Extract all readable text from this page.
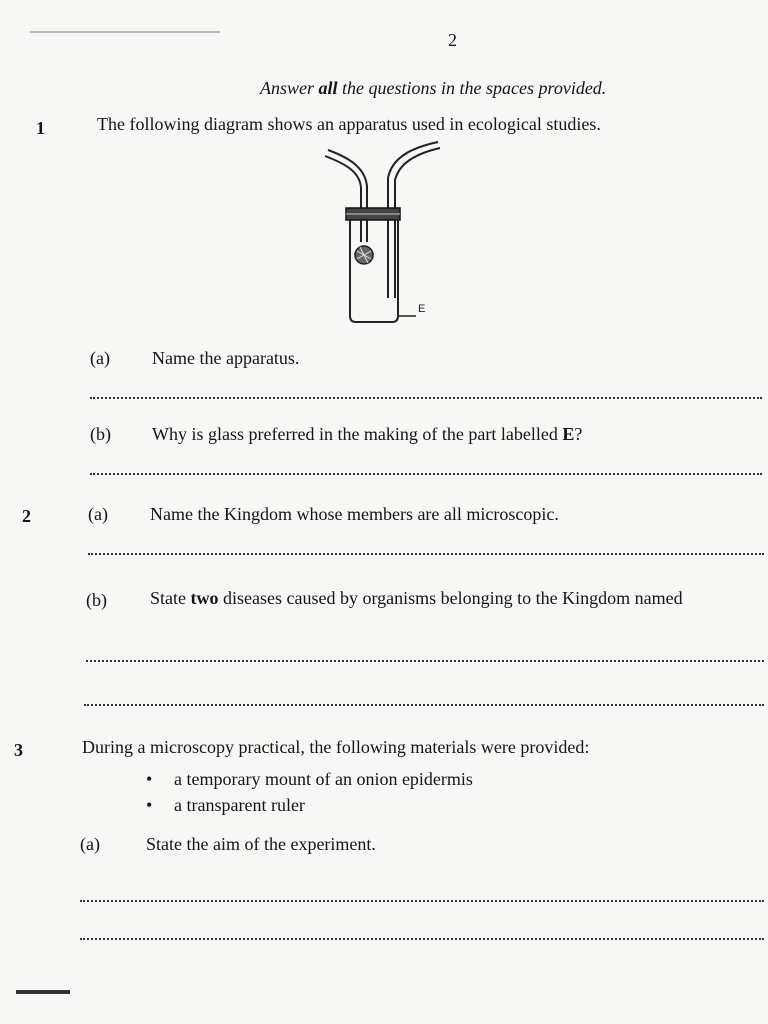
2
Answer all the questions in the spaces provided.
1	The following diagram shows an apparatus used in ecological studies.
E
(a) Name the apparatus.
(b) Why is glass preferred in the making of the part labelled E?
2	(a) Name the Kingdom whose members are all microscopic.
(b) State two diseases caused by organisms belonging to the Kingdom named
3	During a microscopy practical, the following materials were provided:
• a temporary mount of an onion epidermis
• a transparent ruler
(a)	State the aim of the experiment.
